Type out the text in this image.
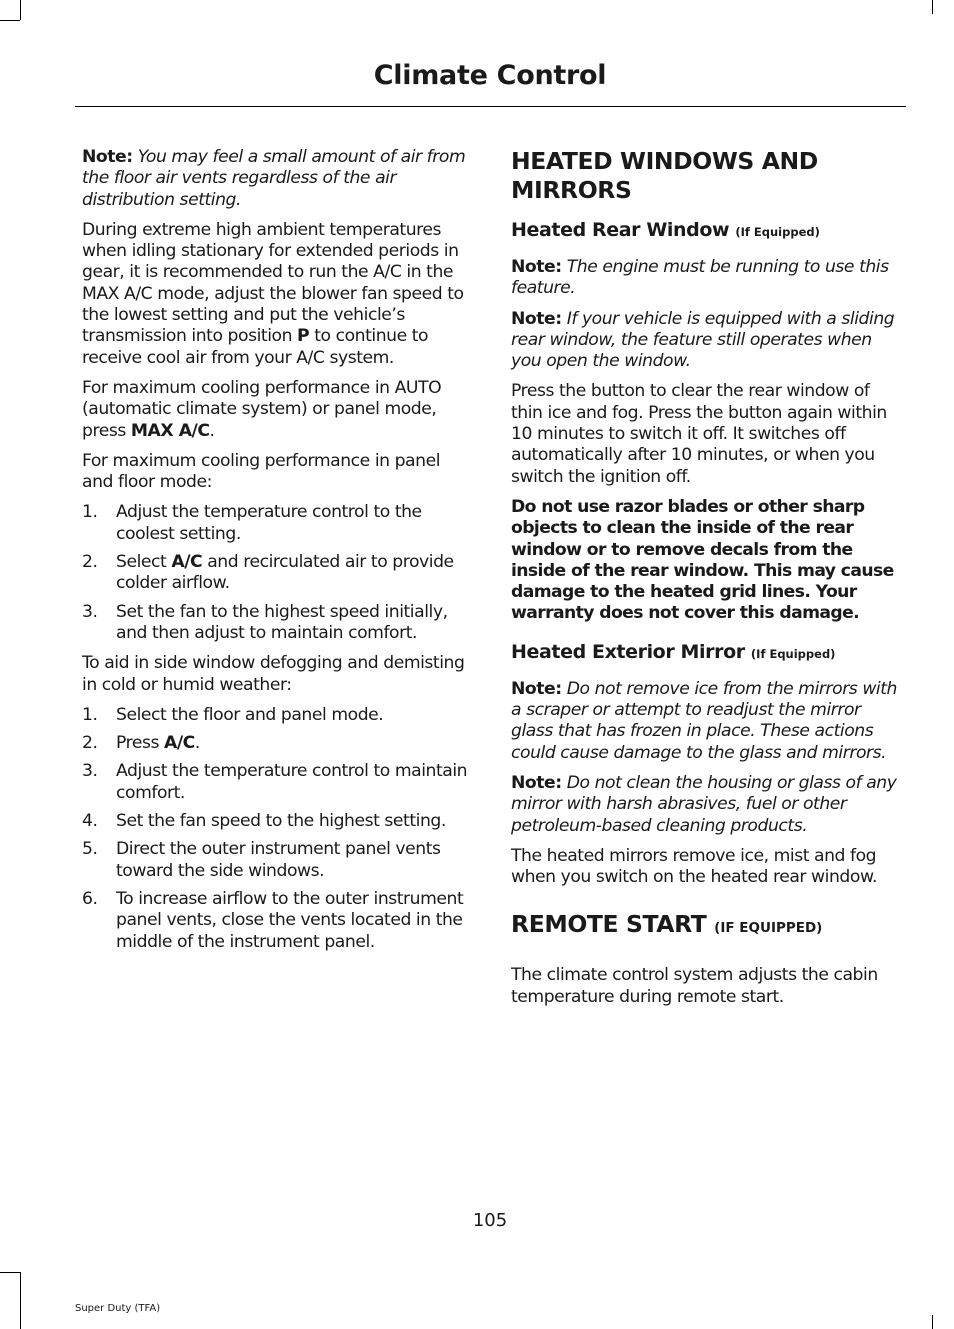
Climate Control

Note: You may feel a small amount of air from the floor air vents regardless of the air distribution setting.

During extreme high ambient temperatures when idling stationary for extended periods in gear, it is recommended to run the A/C in the MAX A/C mode, adjust the blower fan speed to the lowest setting and put the vehicle’s transmission into position P to continue to receive cool air from your A/C system.

For maximum cooling performance in AUTO (automatic climate system) or panel mode, press MAX A/C.

For maximum cooling performance in panel and floor mode:

1.	Adjust the temperature control to the coolest setting.
2.	Select A/C and recirculated air to provide colder airflow.
3.	Set the fan to the highest speed initially, and then adjust to maintain comfort.

To aid in side window defogging and demisting in cold or humid weather:

1.	Select the floor and panel mode.
2.	Press A/C.
3.	Adjust the temperature control to maintain comfort.
4.	Set the fan speed to the highest setting.
5.	Direct the outer instrument panel vents toward the side windows.
6.	To increase airflow to the outer instrument panel vents, close the vents located in the middle of the instrument panel.
HEATED WINDOWS AND MIRRORS
Heated Rear Window (If Equipped)

Note: The engine must be running to use this feature.

Note: If your vehicle is equipped with a sliding rear window, the feature still operates when you open the window.

Press the button to clear the rear window of thin ice and fog. Press the button again within 10 minutes to switch it off. It switches off automatically after 10 minutes, or when you switch the ignition off.

Do not use razor blades or other sharp objects to clean the inside of the rear window or to remove decals from the inside of the rear window. This may cause damage to the heated grid lines. Your warranty does not cover this damage.

Heated Exterior Mirror (If Equipped)

Note: Do not remove ice from the mirrors with a scraper or attempt to readjust the mirror glass that has frozen in place. These actions could cause damage to the glass and mirrors.

Note: Do not clean the housing or glass of any mirror with harsh abrasives, fuel or other petroleum-based cleaning products.

The heated mirrors remove ice, mist and fog when you switch on the heated rear window.

REMOTE START (IF EQUIPPED)

The climate control system adjusts the cabin temperature during remote start.

105
Super Duty (TFA)
